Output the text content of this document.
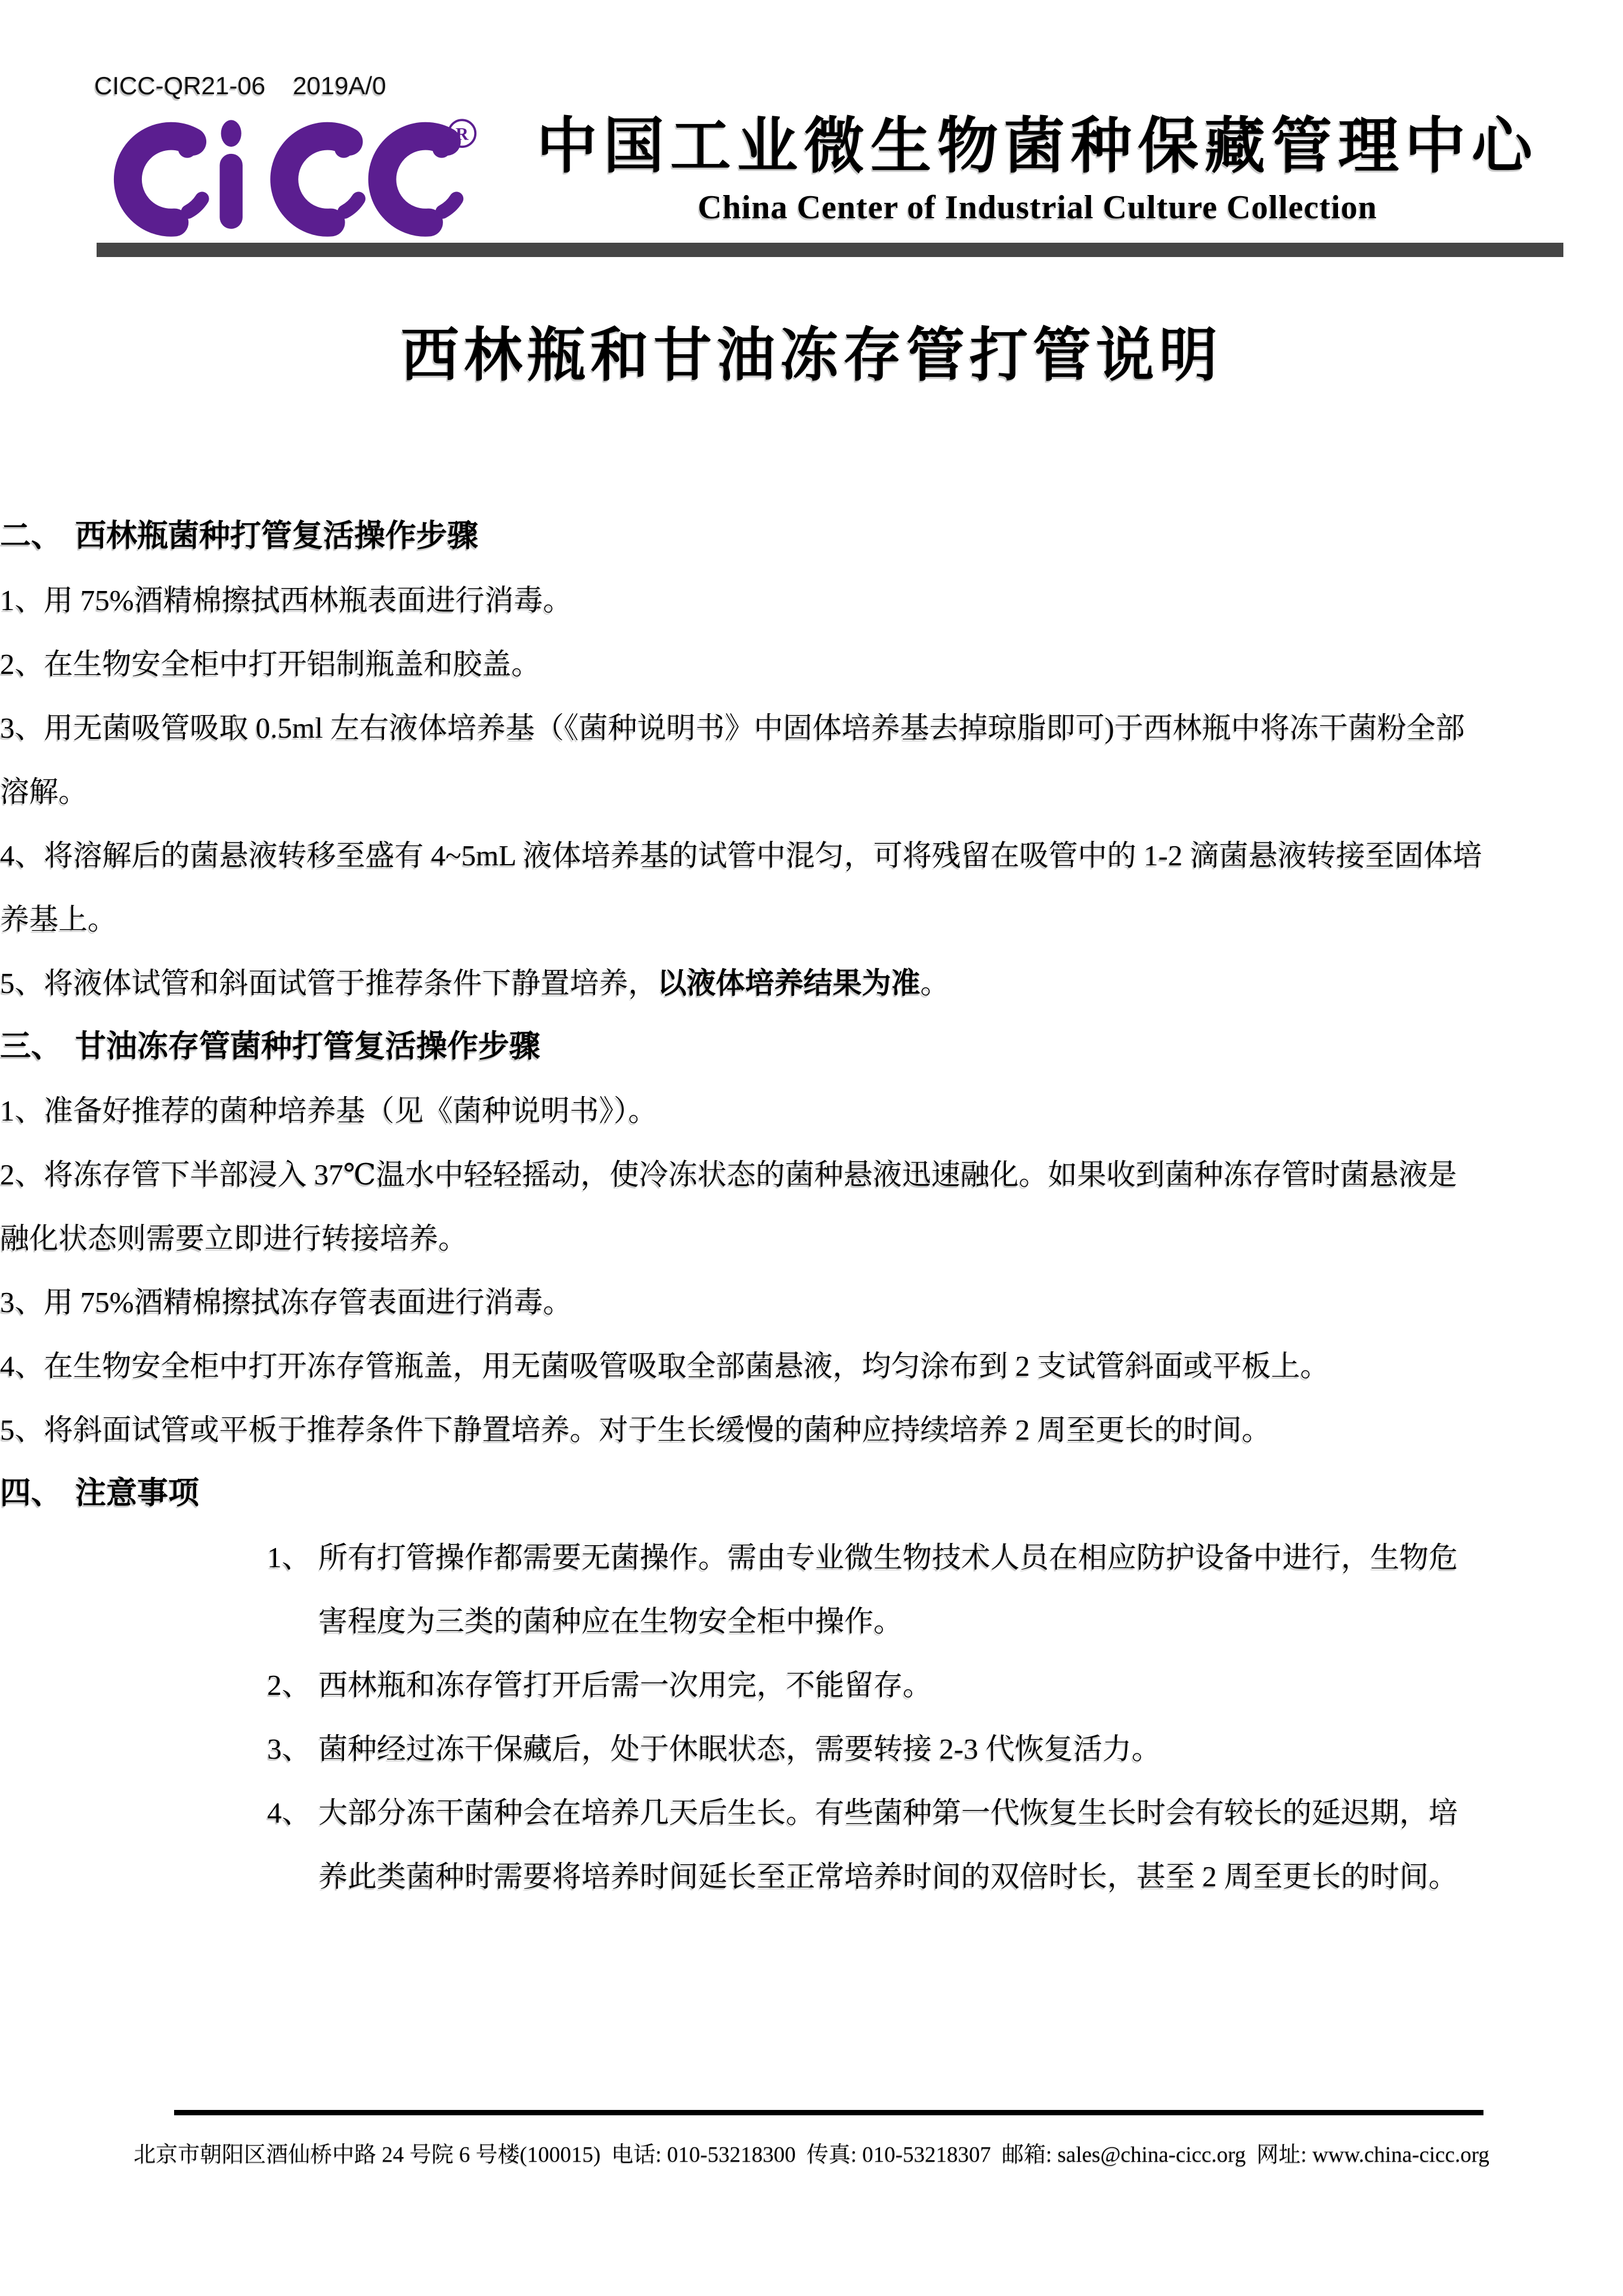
CICC-QR21-06 2019A/0
R 中国工业微生物菌种保藏管理中心
China Center of Industrial Culture Collection
西林瓶和甘油冻存管打管说明
二、 西林瓶菌种打管复活操作步骤

1、用 75%酒精棉擦拭西林瓶表面进行消毒。

2、在生物安全柜中打开铝制瓶盖和胶盖。

3、用无菌吸管吸取 0.5ml 左右液体培养基（《菌种说明书》中固体培养基去掉琼脂即可)于西林瓶中将冻干菌粉全部溶解。

4、将溶解后的菌悬液转移至盛有 4~5mL 液体培养基的试管中混匀，可将残留在吸管中的 1-2 滴菌悬液转接至固体培养基上。

5、将液体试管和斜面试管于推荐条件下静置培养，以液体培养结果为准。

三、 甘油冻存管菌种打管复活操作步骤

1、准备好推荐的菌种培养基（见《菌种说明书》）。

2、将冻存管下半部浸入 37℃温水中轻轻摇动，使冷冻状态的菌种悬液迅速融化。如果收到菌种冻存管时菌悬液是融化状态则需要立即进行转接培养。

3、用 75%酒精棉擦拭冻存管表面进行消毒。

4、在生物安全柜中打开冻存管瓶盖，用无菌吸管吸取全部菌悬液，均匀涂布到 2 支试管斜面或平板上。

5、将斜面试管或平板于推荐条件下静置培养。对于生长缓慢的菌种应持续培养 2 周至更长的时间。

四、 注意事项

1、 所有打管操作都需要无菌操作。需由专业微生物技术人员在相应防护设备中进行，生物危害程度为三类的菌种应在生物安全柜中操作。

2、 西林瓶和冻存管打开后需一次用完，不能留存。

3、 菌种经过冻干保藏后，处于休眠状态，需要转接 2-3 代恢复活力。

4、 大部分冻干菌种会在培养几天后生长。有些菌种第一代恢复生长时会有较长的延迟期，培养此类菌种时需要将培养时间延长至正常培养时间的双倍时长，甚至 2 周至更长的时间。

北京市朝阳区酒仙桥中路 24 号院 6 号楼(100015) 电话: 010-53218300 传真: 010-53218307 邮箱: sales@china-cicc.org 网址: www.china-cicc.org
